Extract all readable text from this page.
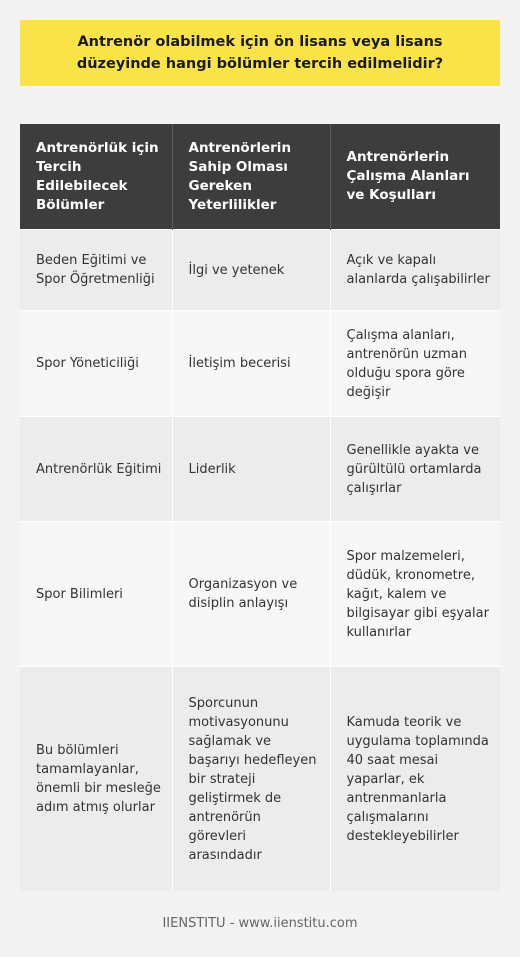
Antrenör olabilmek için ön lisans veya lisans düzeyinde hangi bölümler tercih edilmelidir?
Antrenörlük için Tercih Edilebilecek Bölümler	Antrenörlerin Sahip Olması Gereken Yeterlilikler	Antrenörlerin Çalışma Alanları ve Koşulları
Beden Eğitimi ve Spor Öğretmenliği	İlgi ve yetenek	Açık ve kapalı alanlarda çalışabilirler
Spor Yöneticiliği	İletişim becerisi	Çalışma alanları, antrenörün uzman olduğu spora göre değişir
Antrenörlük Eğitimi	Liderlik	Genellikle ayakta ve gürültülü ortamlarda çalışırlar
Spor Bilimleri	Organizasyon ve disiplin anlayışı	Spor malzemeleri, düdük, kronometre, kağıt, kalem ve bilgisayar gibi eşyalar kullanırlar
Bu bölümleri tamamlayanlar, önemli bir mesleğe adım atmış olurlar	Sporcunun motivasyonunu sağlamak ve başarıyı hedefleyen bir strateji geliştirmek de antrenörün görevleri arasındadır	Kamuda teorik ve uygulama toplamında 40 saat mesai yaparlar, ek antrenmanlarla çalışmalarını destekleyebilirler
IIENSTITU - www.iienstitu.com
